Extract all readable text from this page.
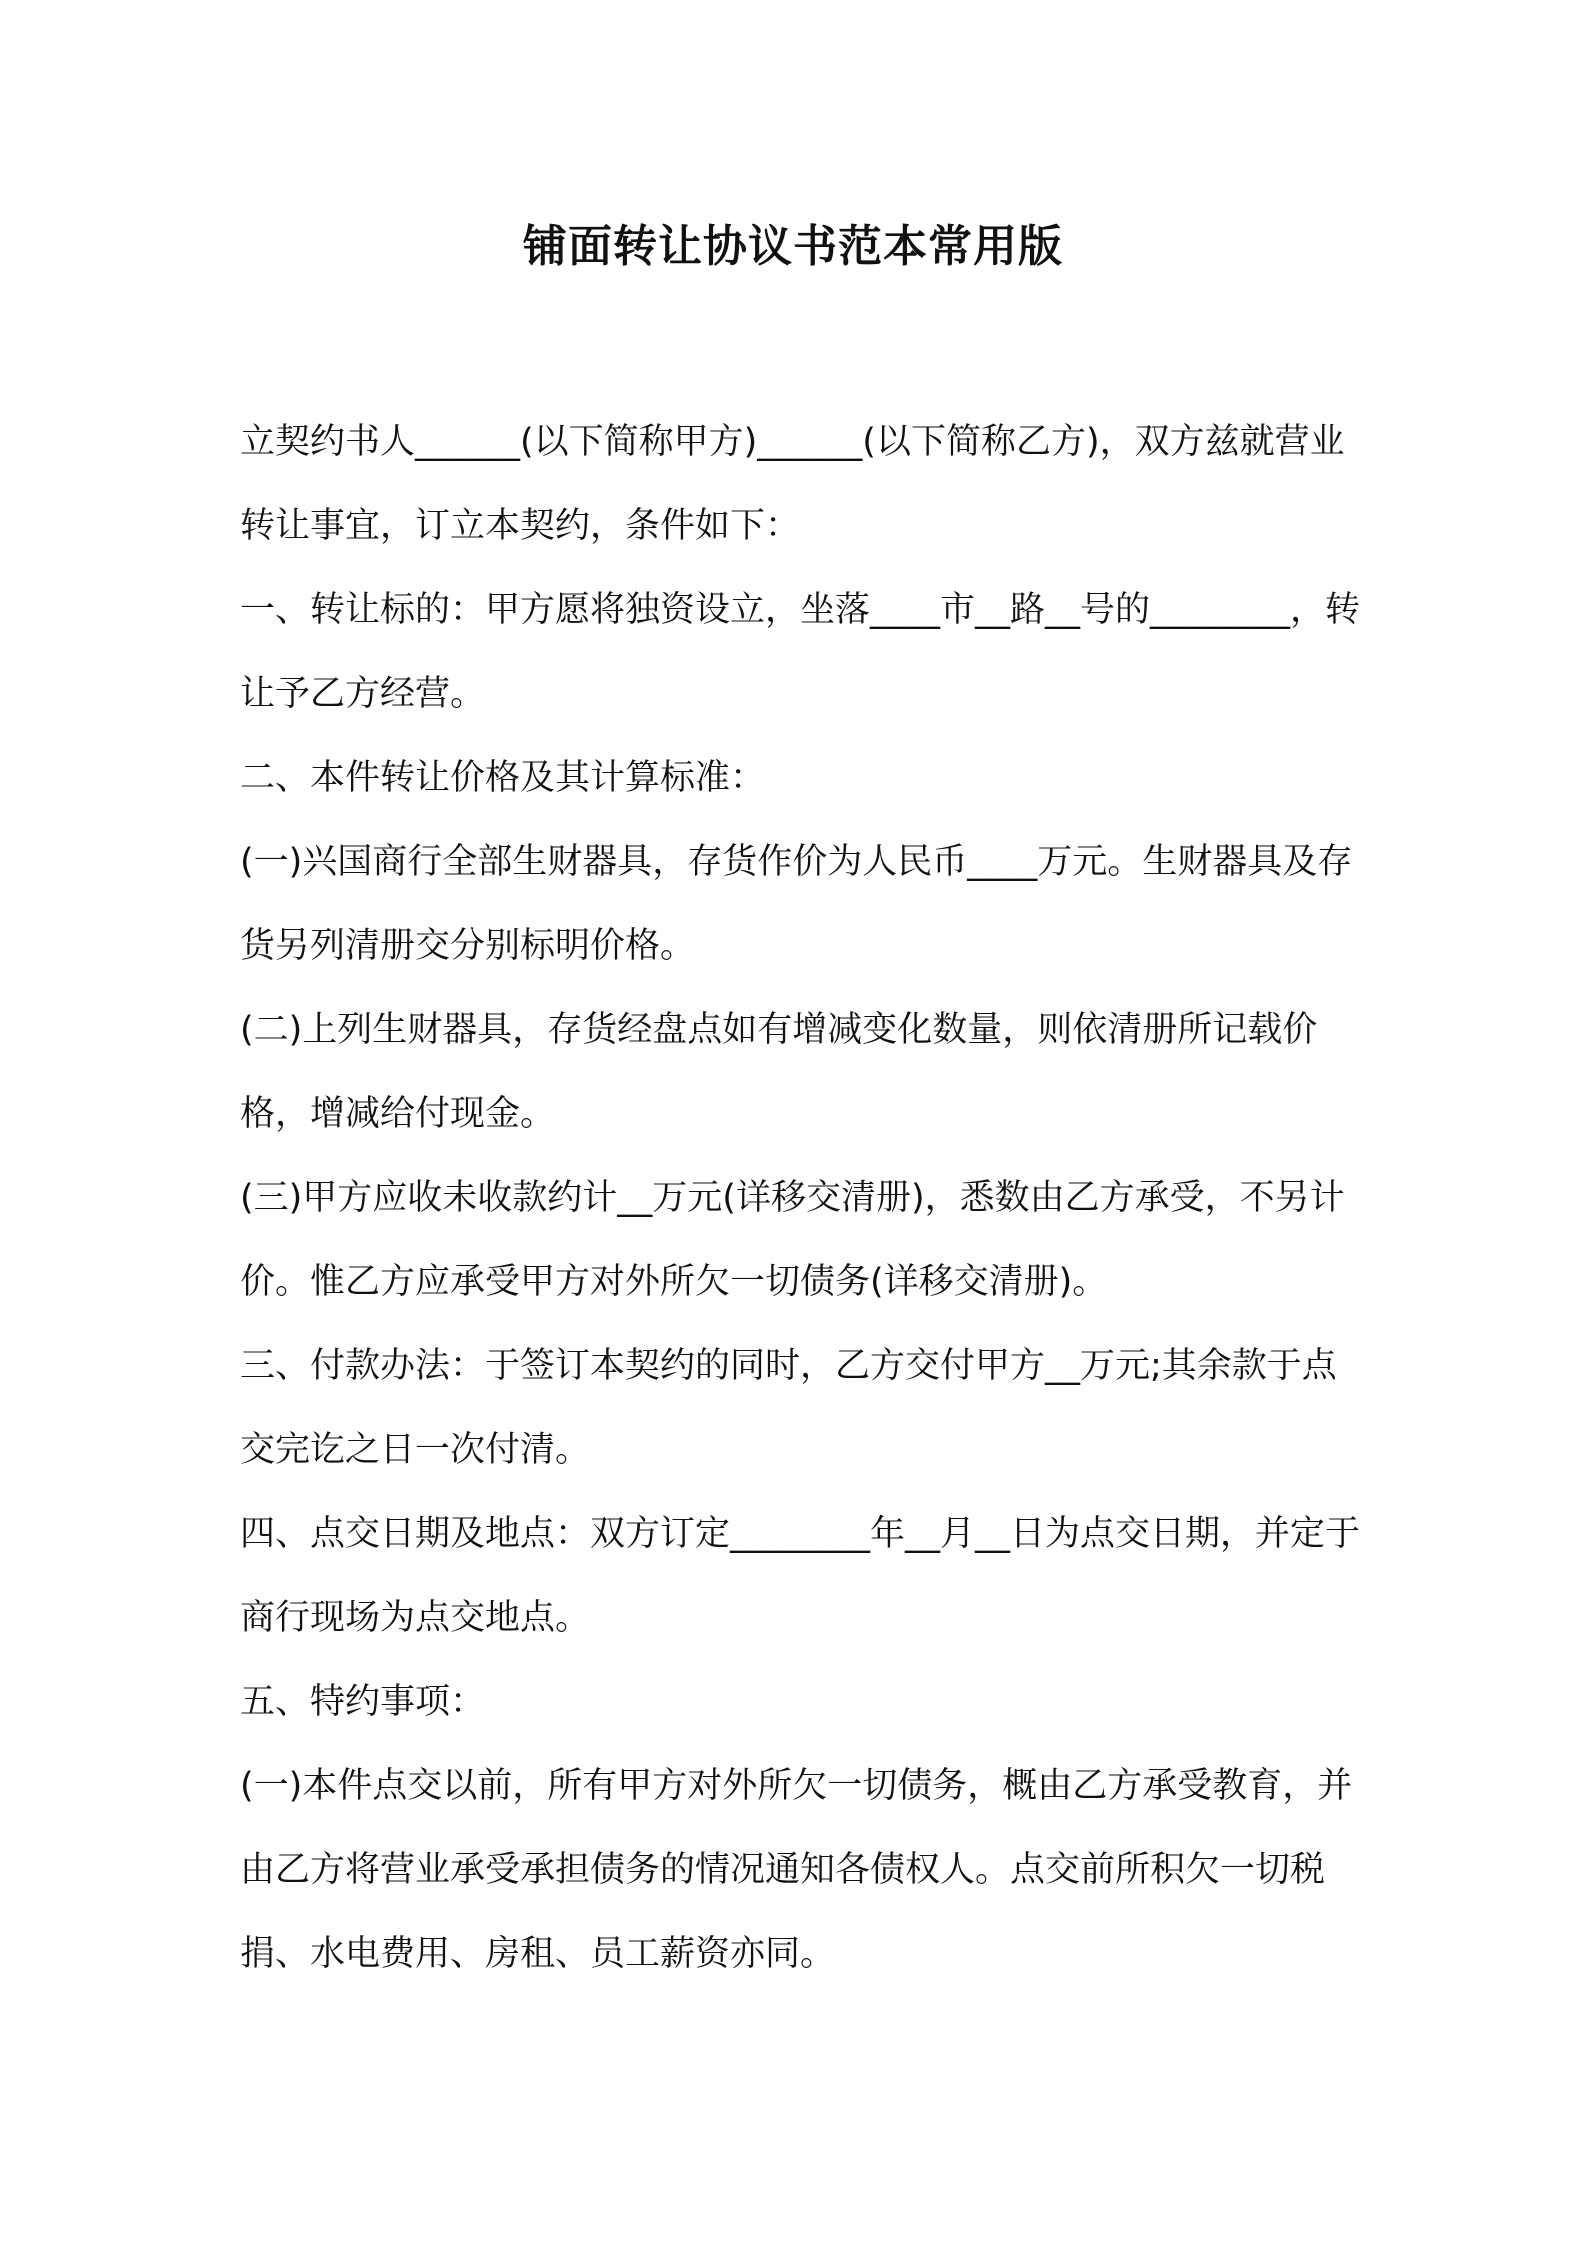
铺面转让协议书范本常用版

立契约书人______(以下简称甲方)______(以下简称乙方)，双方兹就营业转让事宜，订立本契约，条件如下：

一、转让标的：甲方愿将独资设立，坐落____市__路__号的________，转让予乙方经营。

二、本件转让价格及其计算标准：

(一)兴国商行全部生财器具，存货作价为人民币____万元。生财器具及存货另列清册交分别标明价格。

(二)上列生财器具，存货经盘点如有增减变化数量，则依清册所记载价格，增减给付现金。

(三)甲方应收未收款约计__万元(详移交清册)，悉数由乙方承受，不另计价。惟乙方应承受甲方对外所欠一切债务(详移交清册)。

三、付款办法：于签订本契约的同时，乙方交付甲方__万元;其余款于点交完讫之日一次付清。

四、点交日期及地点：双方订定________年__月__日为点交日期，并定于商行现场为点交地点。

五、特约事项：

(一)本件点交以前，所有甲方对外所欠一切债务，概由乙方承受教育，并由乙方将营业承受承担债务的情况通知各债权人。点交前所积欠一切税捐、水电费用、房租、员工薪资亦同。
